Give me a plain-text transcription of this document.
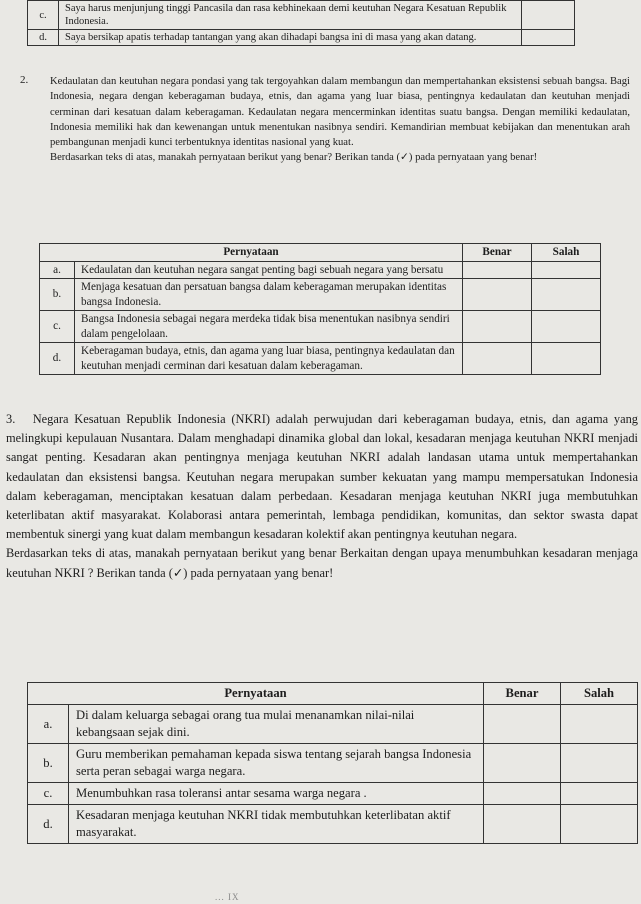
c.	Saya harus menjunjung tinggi Pancasila dan rasa kebhinekaan demi keutuhan Negara Kesatuan Republik Indonesia.	
d.	Saya bersikap apatis terhadap tantangan yang akan dihadapi bangsa ini di masa yang akan datang.	
2. Kedaulatan dan keutuhan negara pondasi yang tak tergoyahkan dalam membangun dan mempertahankan eksistensi sebuah bangsa. Bagi Indonesia, negara dengan keberagaman budaya, etnis, dan agama yang luar biasa, pentingnya kedaulatan dan keutuhan menjadi cerminan dari kesatuan dalam keberagaman. Kedaulatan negara mencerminkan identitas suatu bangsa. Dengan memiliki kedaulatan, Indonesia memiliki hak dan kewenangan untuk menentukan nasibnya sendiri. Kemandirian membuat kebijakan dan menentukan arah pembangunan menjadi kunci terbentuknya identitas nasional yang kuat.

Berdasarkan teks di atas, manakah pernyataan berikut yang benar? Berikan tanda (✓) pada pernyataan yang benar!

Pernyataan		Benar	Salah
a.	Kedaulatan dan keutuhan negara sangat penting bagi sebuah negara yang bersatu		
b.	Menjaga kesatuan dan persatuan bangsa dalam keberagaman merupakan identitas bangsa Indonesia.		
c.	Bangsa Indonesia sebagai negara merdeka tidak bisa menentukan nasibnya sendiri dalam pengelolaan.		
d.	Keberagaman budaya, etnis, dan agama yang luar biasa, pentingnya kedaulatan dan keutuhan menjadi cerminan dari kesatuan dalam keberagaman.		

3. Negara Kesatuan Republik Indonesia (NKRI) adalah perwujudan dari keberagaman budaya, etnis, dan agama yang melingkupi kepulauan Nusantara. Dalam menghadapi dinamika global dan lokal, kesadaran menjaga keutuhan NKRI menjadi sangat penting. Kesadaran akan pentingnya menjaga keutuhan NKRI adalah landasan utama untuk mempertahankan kedaulatan dan eksistensi bangsa. Keutuhan negara merupakan sumber kekuatan yang mampu mempersatukan Indonesia dalam keberagaman, menciptakan kesatuan dalam perbedaan. Kesadaran menjaga keutuhan NKRI juga membutuhkan keterlibatan aktif masyarakat. Kolaborasi antara pemerintah, lembaga pendidikan, komunitas, dan sektor swasta dapat membentuk sinergi yang kuat dalam membangun kesadaran kolektif akan pentingnya keutuhan negara.

Berdasarkan teks di atas, manakah pernyataan berikut yang benar Berkaitan dengan upaya menumbuhkan kesadaran menjaga keutuhan NKRI ? Berikan tanda (✓) pada pernyataan yang benar!

Pernyataan		Benar	Salah
a.	Di dalam keluarga sebagai orang tua mulai menanamkan nilai-nilai kebangsaan sejak dini.		
b.	Guru memberikan pemahaman kepada siswa tentang sejarah bangsa Indonesia serta peran sebagai warga negara.		
c.	Menumbuhkan rasa toleransi antar sesama warga negara .		
d.	Kesadaran menjaga keutuhan NKRI tidak membutuhkan keterlibatan aktif masyarakat.		
... IX
